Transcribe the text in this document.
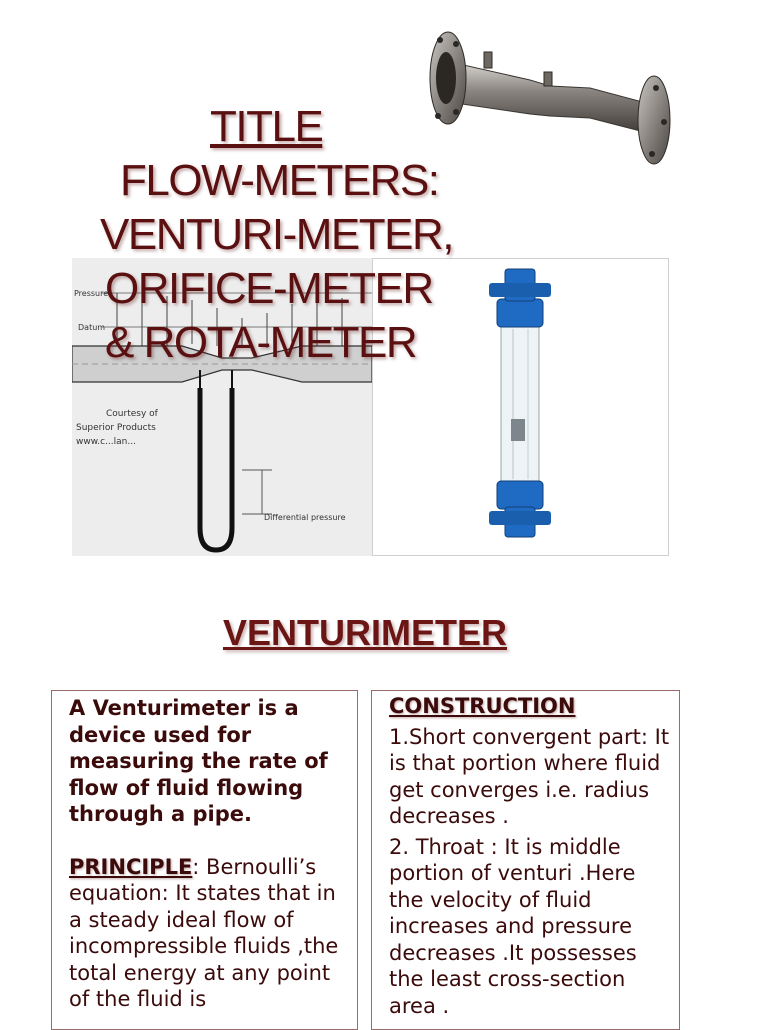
Pressure
Datum
Courtesy of
Superior Products
www.c...lan...
Differential pressure
TITLE
FLOW-METERS:
VENTURI-METER,
ORIFICE-METER
& ROTA-METER
VENTURIMETER
A Venturimeter is a device used for measuring the rate of flow of fluid flowing through a pipe.
PRINCIPLE: Bernoulli’s equation: It states that in a steady ideal flow of incompressible fluids ,the total energy at any point of the fluid is
CONSTRUCTION
1.Short convergent part: It is that portion where fluid get converges i.e. radius decreases .
2. Throat : It is middle portion of venturi .Here the velocity of fluid increases and pressure decreases .It possesses the least cross-section area .
